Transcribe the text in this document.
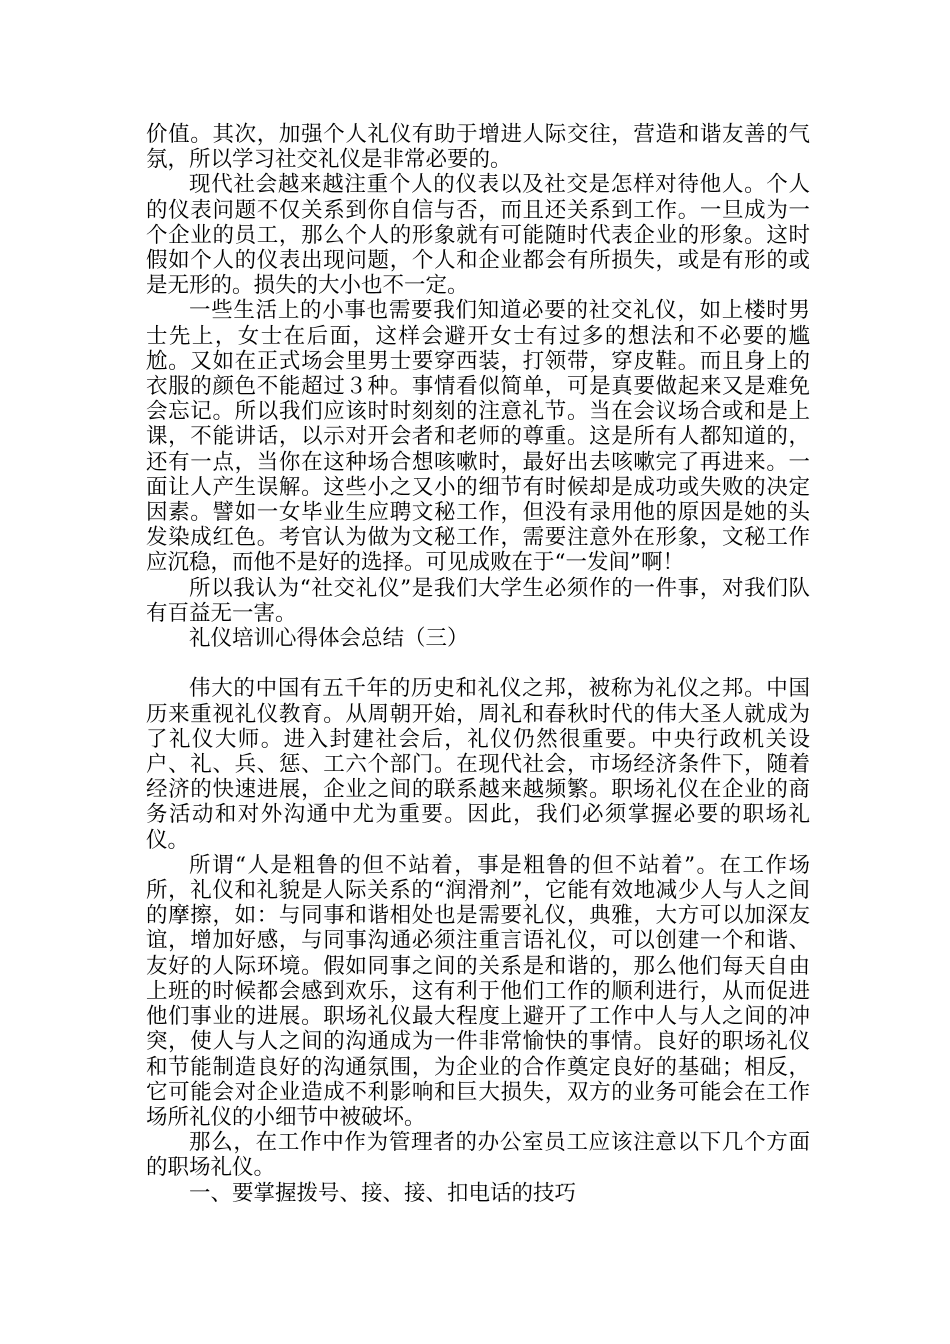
价值。其次，加强个人礼仪有助于增进人际交往，营造和谐友善的气氛，所以学习社交礼仪是非常必要的。

现代社会越来越注重个人的仪表以及社交是怎样对待他人。个人的仪表问题不仅关系到你自信与否，而且还关系到工作。一旦成为一个企业的员工，那么个人的形象就有可能随时代表企业的形象。这时假如个人的仪表出现问题，个人和企业都会有所损失，或是有形的或是无形的。损失的大小也不一定。

一些生活上的小事也需要我们知道必要的社交礼仪，如上楼时男士先上，女士在后面，这样会避开女士有过多的想法和不必要的尴尬。又如在正式场会里男士要穿西装，打领带，穿皮鞋。而且身上的衣服的颜色不能超过３种。事情看似简单，可是真要做起来又是难免会忘记。所以我们应该时时刻刻的注意礼节。当在会议场合或和是上课，不能讲话，以示对开会者和老师的尊重。这是所有人都知道的，还有一点，当你在这种场合想咳嗽时，最好出去咳嗽完了再进来。一面让人产生误解。这些小之又小的细节有时候却是成功或失败的决定因素。譬如一女毕业生应聘文秘工作，但没有录用他的原因是她的头发染成红色。考官认为做为文秘工作，需要注意外在形象，文秘工作应沉稳，而他不是好的选择。可见成败在于“一发间”啊！

所以我认为“社交礼仪”是我们大学生必须作的一件事，对我们队有百益无一害。

礼仪培训心得体会总结（三）

伟大的中国有五千年的历史和礼仪之邦，被称为礼仪之邦。中国历来重视礼仪教育。从周朝开始，周礼和春秋时代的伟大圣人就成为了礼仪大师。进入封建社会后，礼仪仍然很重要。中央行政机关设户、礼、兵、惩、工六个部门。在现代社会，市场经济条件下，随着经济的快速进展，企业之间的联系越来越频繁。职场礼仪在企业的商务活动和对外沟通中尤为重要。因此，我们必须掌握必要的职场礼仪。

所谓“人是粗鲁的但不站着，事是粗鲁的但不站着”。在工作场所，礼仪和礼貌是人际关系的“润滑剂”，它能有效地减少人与人之间的摩擦，如：与同事和谐相处也是需要礼仪，典雅，大方可以加深友谊，增加好感，与同事沟通必须注重言语礼仪，可以创建一个和谐、友好的人际环境。假如同事之间的关系是和谐的，那么他们每天自由上班的时候都会感到欢乐，这有利于他们工作的顺利进行，从而促进他们事业的进展。职场礼仪最大程度上避开了工作中人与人之间的冲突，使人与人之间的沟通成为一件非常愉快的事情。良好的职场礼仪和节能制造良好的沟通氛围，为企业的合作奠定良好的基础；相反，它可能会对企业造成不利影响和巨大损失，双方的业务可能会在工作场所礼仪的小细节中被破坏。

那么，在工作中作为管理者的办公室员工应该注意以下几个方面的职场礼仪。

一、要掌握拨号、接、接、扣电话的技巧
